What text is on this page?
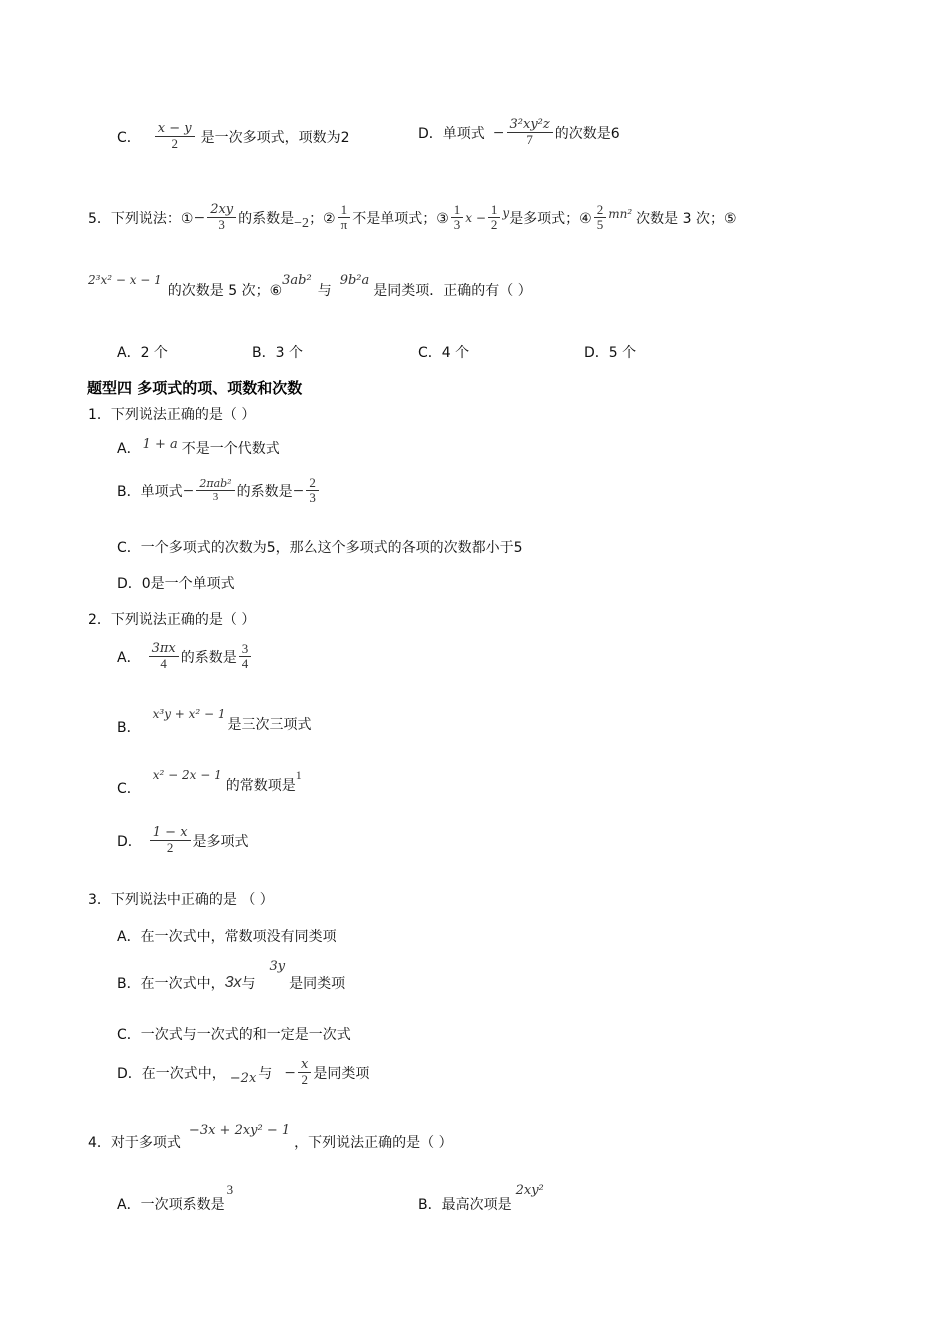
C． $\frac{x - y}{2}$ 是一次多项式，项数为2	D． 单项式 − $\frac{\text{3²xy²z}}{7}$ 的次数是6
5．下列说法：① − $\frac{2xy}{3}$ 的系数是 −2 ；② $\frac{1}{\pi}$ 不是单项式；③ $\frac{1}{3}$ $x - \frac{1}{2}$ y 是多项式；④ $\frac{2}{5} mn^2$ 次数是 3 次；⑤
2³x² − x − 1
的次数是 5 次；⑥
3ab²
与
9b²a
是同类项．正确的有（ ）
A．2 个	B．3 个	C．4 个	D．5 个
题型四 多项式的项、项数和次数
1．下列说法正确的是（ ）
A． 1 + a 不是一个代数式
B．单项式 − $\frac{\text{2πab²}}{3}$ 的系数是 − $\frac{2}{3}$
C．一个多项式的次数为5，那么这个多项式的各项的次数都小于5
D．0是一个单项式
2．下列说法正确的是（ ）
A． $\frac{3\pi x}{4}$ 的系数是 $\frac{3}{4}$
B．
x³y + x² − 1
是三次三项式
C．
x² − 2x − 1
的常数项是
1
D． $\frac{1 - x}{2}$ 是多项式
3．下列说法中正确的是 （ ）
A．在一次式中，常数项没有同类项
B．在一次式中， 3x 与
3y
是同类项
C．一次式与一次式的和一定是一次式
D．在一次式中， −2x 与 − $\frac{x}{2}$ 是同类项
4．对于多项式
−3x + 2xy² − 1
，下列说法正确的是（ ）
A．一次项系数是
3
B．最高次项是
2xy²
